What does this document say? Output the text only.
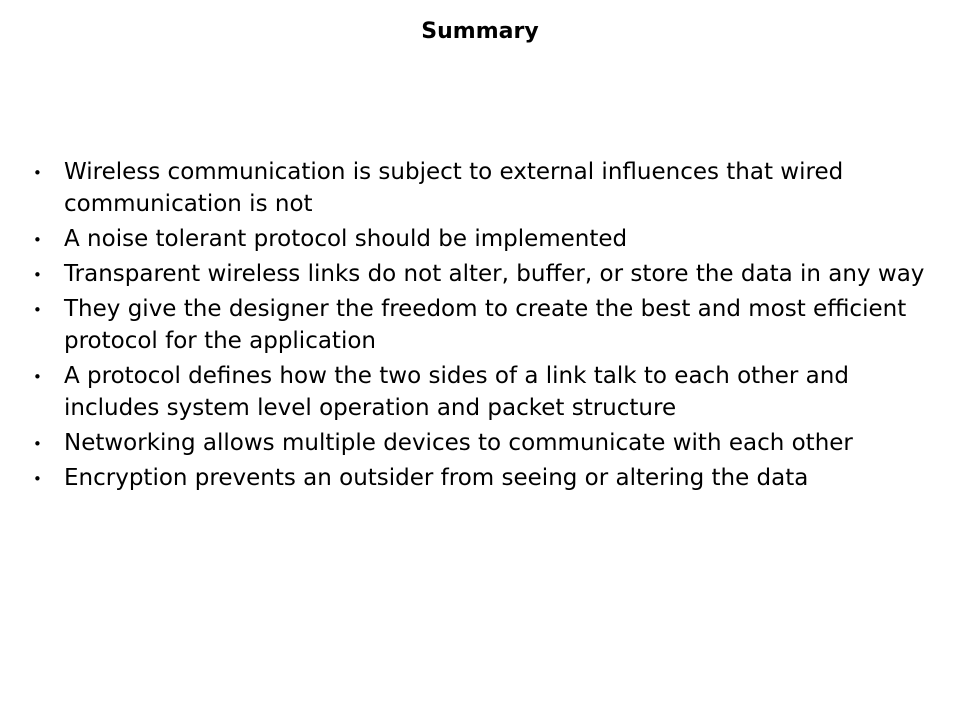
Summary
• Wireless communication is subject to external influences that wired communication is not
• A noise tolerant protocol should be implemented
• Transparent wireless links do not alter, buffer, or store the data in any way
• They give the designer the freedom to create the best and most efficient protocol for the application
• A protocol defines how the two sides of a link talk to each other and includes system level operation and packet structure
• Networking allows multiple devices to communicate with each other
• Encryption prevents an outsider from seeing or altering the data
